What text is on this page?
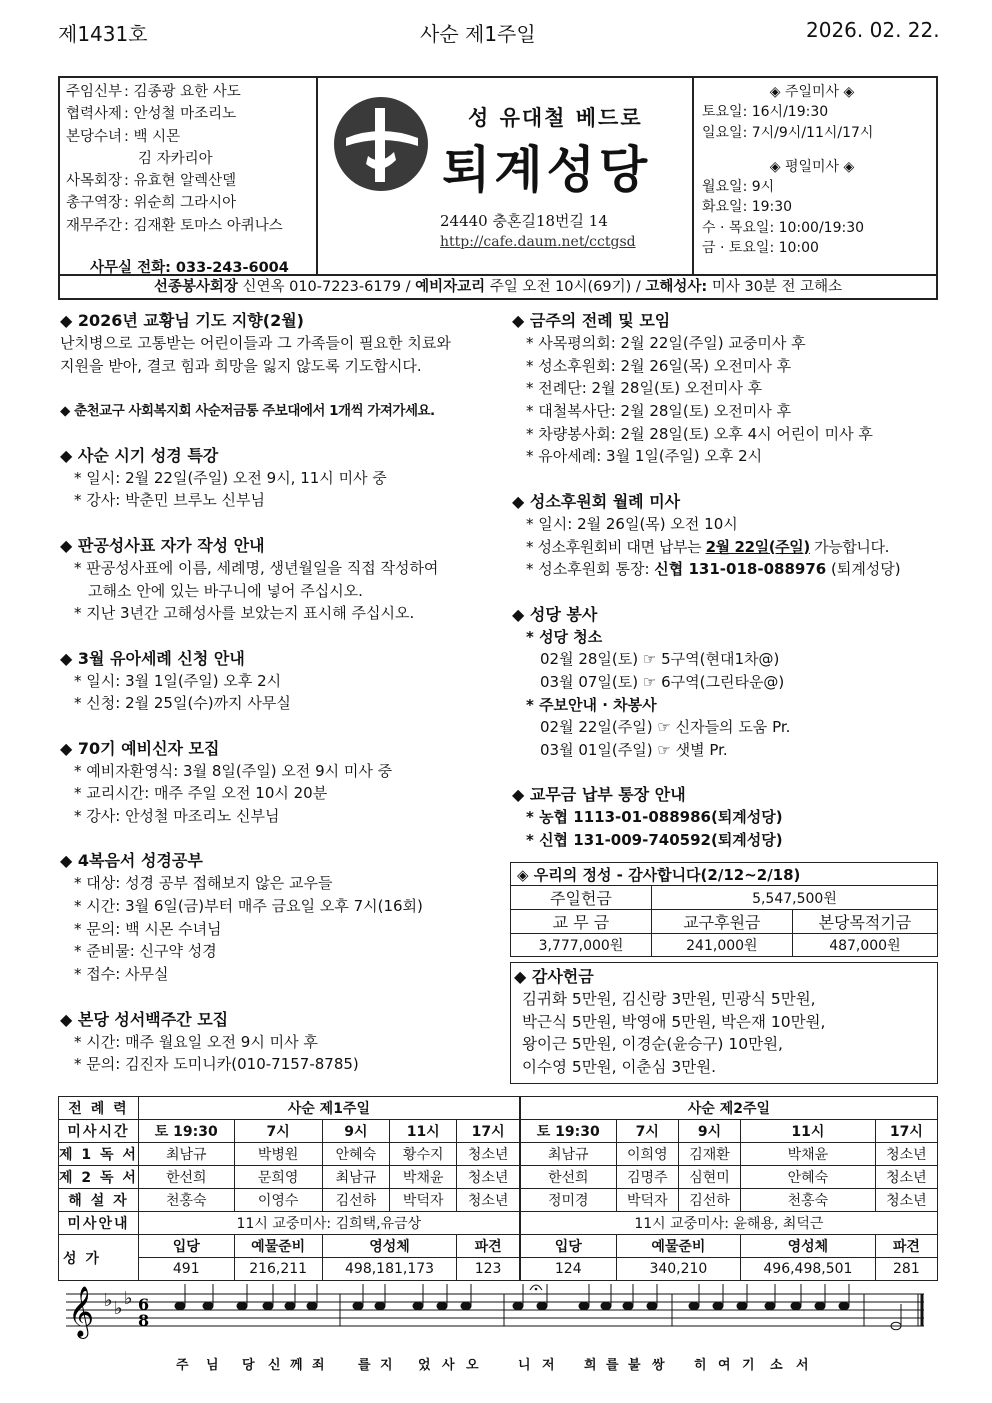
제1431호	사순 제1주일	2026. 02. 22.
주임신부 : 김종광 요한 사도
협력사제 : 안성철 마조리노
본당수녀 : 백 시몬
김 자카리아
사목회장 : 유효현 알렉산델
총구역장 : 위순희 그라시아
재무주간 : 김재환 토마스 아퀴나스
사무실 전화: 033-243-6004
성 유대철 베드로
퇴계성당
24440 충혼길18번길 14
http://cafe.daum.net/cctgsd
◈ 주일미사 ◈
토요일: 16시/19:30
일요일: 7시/9시/11시/17시
◈ 평일미사 ◈
월요일: 9시
화요일: 19:30
수 · 목요일: 10:00/19:30
금 · 토요일: 10:00
선종봉사회장 신연옥 010-7223-6179 / 예비자교리 주일 오전 10시(69기) / 고해성사: 미사 30분 전 고해소
◆ 2026년 교황님 기도 지향(2월)
난치병으로 고통받는 어린이들과 그 가족들이 필요한 치료와
지원을 받아, 결코 힘과 희망을 잃지 않도록 기도합시다.
◆ 춘천교구 사회복지회 사순저금통 주보대에서 1개씩 가져가세요.
◆ 사순 시기 성경 특강
* 일시: 2월 22일(주일) 오전 9시, 11시 미사 중
* 강사: 박춘민 브루노 신부님
◆ 판공성사표 자가 작성 안내
* 판공성사표에 이름, 세례명, 생년월일을 직접 작성하여
고해소 안에 있는 바구니에 넣어 주십시오.
* 지난 3년간 고해성사를 보았는지 표시해 주십시오.
◆ 3월 유아세례 신청 안내
* 일시: 3월 1일(주일) 오후 2시
* 신청: 2월 25일(수)까지 사무실
◆ 70기 예비신자 모집
* 예비자환영식: 3월 8일(주일) 오전 9시 미사 중
* 교리시간: 매주 주일 오전 10시 20분
* 강사: 안성철 마조리노 신부님
◆ 4복음서 성경공부
* 대상: 성경 공부 접해보지 않은 교우들
* 시간: 3월 6일(금)부터 매주 금요일 오후 7시(16회)
* 문의: 백 시몬 수녀님
* 준비물: 신구약 성경
* 접수: 사무실
◆ 본당 성서백주간 모집
* 시간: 매주 월요일 오전 9시 미사 후
* 문의: 김진자 도미니카(010-7157-8785)
◆ 금주의 전례 및 모임
* 사목평의회: 2월 22일(주일) 교중미사 후
* 성소후원회: 2월 26일(목) 오전미사 후
* 전례단: 2월 28일(토) 오전미사 후
* 대철복사단: 2월 28일(토) 오전미사 후
* 차량봉사회: 2월 28일(토) 오후 4시 어린이 미사 후
* 유아세례: 3월 1일(주일) 오후 2시
◆ 성소후원회 월례 미사
* 일시: 2월 26일(목) 오전 10시
* 성소후원회비 대면 납부는 2월 22일(주일) 가능합니다.
* 성소후원회 통장: 신협 131-018-088976 (퇴계성당)
◆ 성당 봉사
* 성당 청소
02월 28일(토) ☞ 5구역(현대1차@)
03월 07일(토) ☞ 6구역(그린타운@)
* 주보안내 · 차봉사
02월 22일(주일) ☞ 신자들의 도움 Pr.
03월 01일(주일) ☞ 샛별 Pr.
◆ 교무금 납부 통장 안내
* 농협 1113-01-088986(퇴계성당)
* 신협 131-009-740592(퇴계성당)
◈ 우리의 정성 - 감사합니다(2/12~2/18)		
주일헌금	5,547,500원	
교 무 금	교구후원금	본당목적기금
3,777,000원	241,000원	487,000원
◆ 감사헌금
김귀화 5만원, 김신랑 3만원, 민광식 5만원,
박근식 5만원, 박영애 5만원, 박은재 10만원,
왕이근 5만원, 이경순(윤승구) 10만원,
이수영 5만원, 이춘심 3만원.
전 례 력	사순 제1주일					사순 제2주일				
미사시간	토 19:30	7시	9시	11시	17시	토 19:30	7시	9시	11시	17시
제 1 독 서	최남규	박병원	안혜숙	황수지	청소년	최남규	이희영	김재환	박채윤	청소년
제 2 독 서	한선희	문희영	최남규	박채윤	청소년	한선희	김명주	심현미	안혜숙	청소년
해 설 자	천홍숙	이영수	김선하	박덕자	청소년	정미경	박덕자	김선하	천홍숙	청소년
미사안내	11시 교중미사: 김희택,유금상					11시 교중미사: 윤해용, 최덕근				
성 가	입당	예물준비	영성체		파견	입당	예물준비		영성체	파견
	491	216,211	498,181,173		123	124	340,210		496,498,501	281
𝄞 ♭ ♭ ♭ 6
8
주 님 당 신 께 죄	를 지 었 사 오	니 저 희 를 불 쌍 히 여 기 소 서
